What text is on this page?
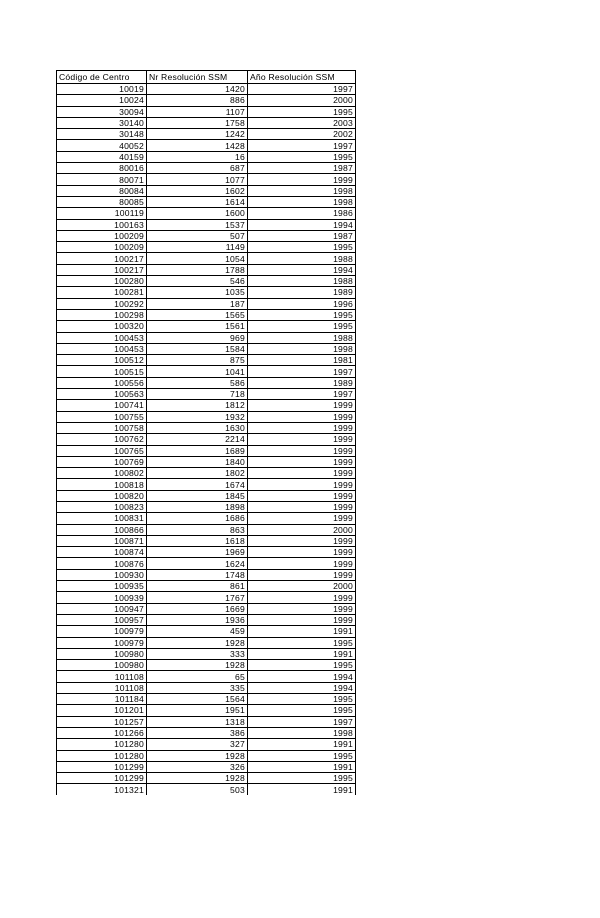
Código de Centro	Nr Resolución SSM	Año Resolución SSM
10019	1420	1997
10024	886	2000
30094	1107	1995
30140	1758	2003
30148	1242	2002
40052	1428	1997
40159	16	1995
80016	687	1987
80071	1077	1999
80084	1602	1998
80085	1614	1998
100119	1600	1986
100163	1537	1994
100209	507	1987
100209	1149	1995
100217	1054	1988
100217	1788	1994
100280	546	1988
100281	1035	1989
100292	187	1996
100298	1565	1995
100320	1561	1995
100453	969	1988
100453	1584	1998
100512	875	1981
100515	1041	1997
100556	586	1989
100563	718	1997
100741	1812	1999
100755	1932	1999
100758	1630	1999
100762	2214	1999
100765	1689	1999
100769	1840	1999
100802	1802	1999
100818	1674	1999
100820	1845	1999
100823	1898	1999
100831	1686	1999
100866	863	2000
100871	1618	1999
100874	1969	1999
100876	1624	1999
100930	1748	1999
100935	861	2000
100939	1767	1999
100947	1669	1999
100957	1936	1999
100979	459	1991
100979	1928	1995
100980	333	1991
100980	1928	1995
101108	65	1994
101108	335	1994
101184	1564	1995
101201	1951	1995
101257	1318	1997
101266	386	1998
101280	327	1991
101280	1928	1995
101299	326	1991
101299	1928	1995
101321	503	1991
